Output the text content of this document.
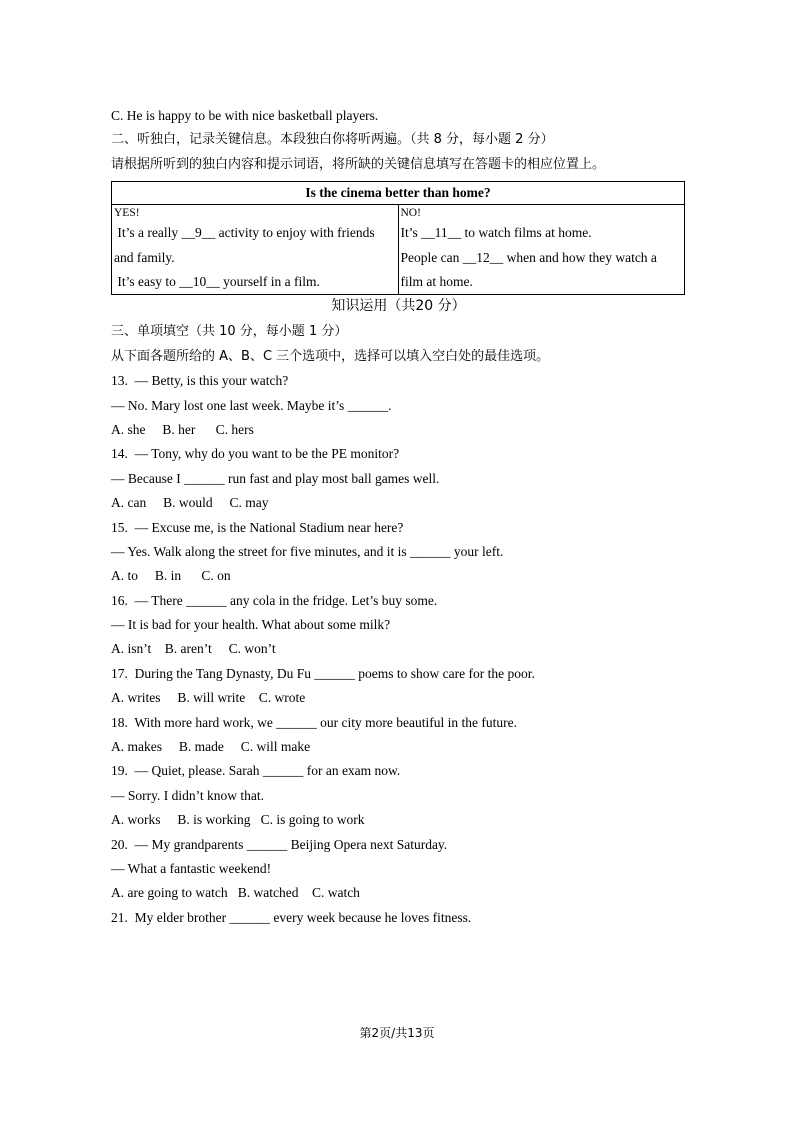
C. He is happy to be with nice basketball players.
二、听独白，记录关键信息。本段独白你将听两遍。（共 8 分，每小题 2 分）
请根据所听到的独白内容和提示词语，将所缺的关键信息填写在答题卡的相应位置上。
Is the cinema better than home?

YES!
It’s a really __9__ activity to enjoy with friends
and family.
It’s easy to __10__ yourself in a film.

NO!
It’s __11__ to watch films at home.
People can __12__ when and how they watch a
film at home.
知识运用（共20 分）
三、单项填空（共 10 分，每小题 1 分）
从下面各题所给的 A、B、C 三个选项中，选择可以填入空白处的最佳选项。
13.  — Betty, is this your watch?
— No. Mary lost one last week. Maybe it’s ______.
A. she     B. her      C. hers
14.  — Tony, why do you want to be the PE monitor?
— Because I ______ run fast and play most ball games well.
A. can     B. would     C. may
15.  — Excuse me, is the National Stadium near here?
— Yes. Walk along the street for five minutes, and it is ______ your left.
A. to     B. in      C. on
16.  — There ______ any cola in the fridge. Let’s buy some.
— It is bad for your health. What about some milk?
A. isn’t    B. aren’t     C. won’t
17.  During the Tang Dynasty, Du Fu ______ poems to show care for the poor.
A. writes     B. will write    C. wrote
18.  With more hard work, we ______ our city more beautiful in the future.
A. makes     B. made     C. will make
19.  — Quiet, please. Sarah ______ for an exam now.
— Sorry. I didn’t know that.
A. works     B. is working   C. is going to work
20.  — My grandparents ______ Beijing Opera next Saturday.
— What a fantastic weekend!
A. are going to watch   B. watched    C. watch
21.  My elder brother ______ every week because he loves fitness.
第2页/共13页
